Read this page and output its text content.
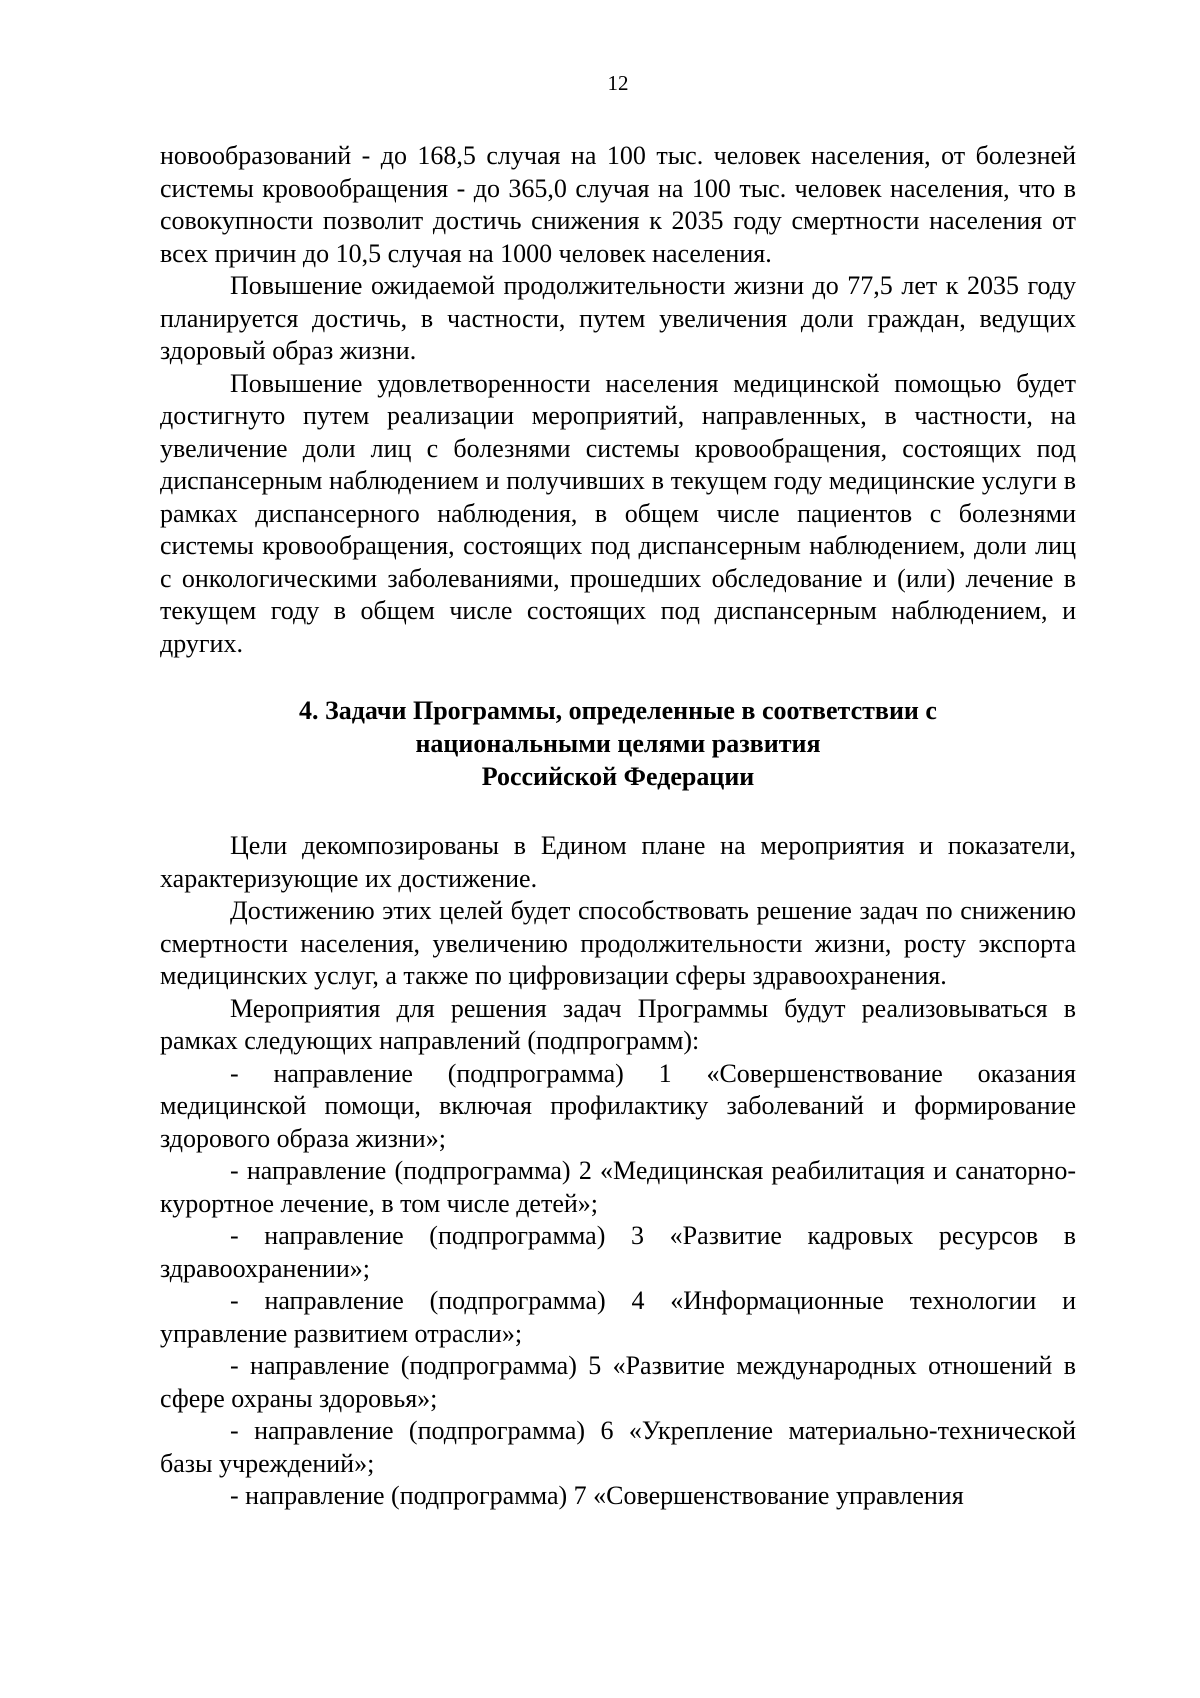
12

новообразований - до 168,5 случая на 100 тыс. человек населения, от болезней системы кровообращения - до 365,0 случая на 100 тыс. человек населения, что в совокупности позволит достичь снижения к 2035 году смертности населения от всех причин до 10,5 случая на 1000 человек населения.

Повышение ожидаемой продолжительности жизни до 77,5 лет к 2035 году планируется достичь, в частности, путем увеличения доли граждан, ведущих здоровый образ жизни.

Повышение удовлетворенности населения медицинской помощью будет достигнуто путем реализации мероприятий, направленных, в частности, на увеличение доли лиц с болезнями системы кровообращения, состоящих под диспансерным наблюдением и получивших в текущем году медицинские услуги в рамках диспансерного наблюдения, в общем числе пациентов с болезнями системы кровообращения, состоящих под диспансерным наблюдением, доли лиц с онкологическими заболеваниями, прошедших обследование и (или) лечение в текущем году в общем числе состоящих под диспансерным наблюдением, и других.

4. Задачи Программы, определенные в соответствии с
национальными целями развития
Российской Федерации

Цели декомпозированы в Едином плане на мероприятия и показатели, характеризующие их достижение.

Достижению этих целей будет способствовать решение задач по снижению смертности населения, увеличению продолжительности жизни, росту экспорта медицинских услуг, а также по цифровизации сферы здравоохранения.

Мероприятия для решения задач Программы будут реализовываться в рамках следующих направлений (подпрограмм):

- направление (подпрограмма) 1 «Совершенствование оказания медицинской помощи, включая профилактику заболеваний и формирование здорового образа жизни»;

- направление (подпрограмма) 2 «Медицинская реабилитация и санаторно-курортное лечение, в том числе детей»;

- направление (подпрограмма) 3 «Развитие кадровых ресурсов в здравоохранении»;

- направление (подпрограмма) 4 «Информационные технологии и управление развитием отрасли»;

- направление (подпрограмма) 5 «Развитие международных отношений в сфере охраны здоровья»;

- направление (подпрограмма) 6 «Укрепление материально-технической базы учреждений»;

- направление (подпрограмма) 7 «Совершенствование управления
